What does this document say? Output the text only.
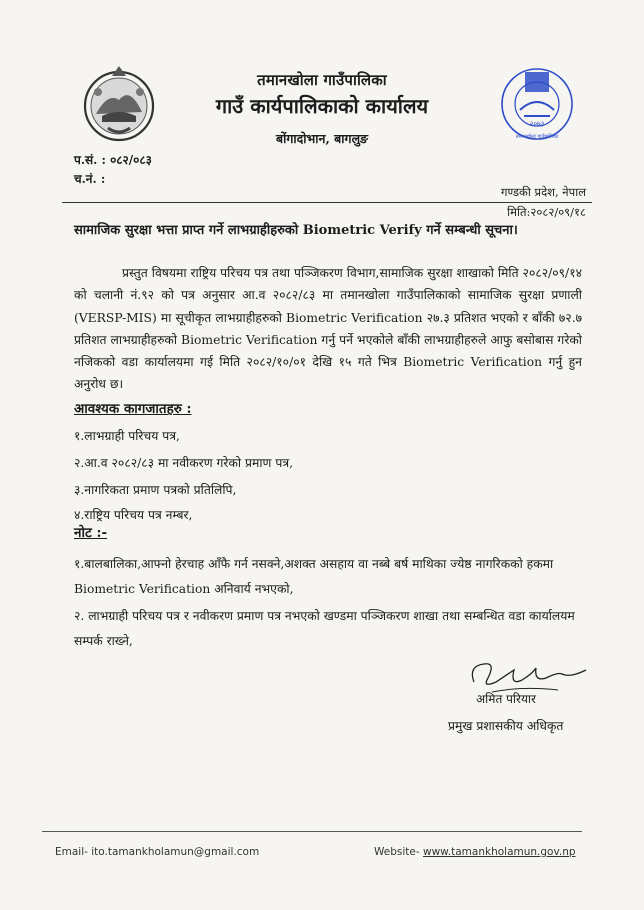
२०७३
तमानखोला गाउँपालिका
तमानखोला गाउँपालिका
गाउँ कार्यपालिकाको कार्यालय
बोंगादोभान, बागलुङ
प.सं. : ०८२/०८३
च.नं. :
गण्डकी प्रदेश, नेपाल
मिति:२०८२/०९/१८
सामाजिक सुरक्षा भत्ता प्राप्त गर्ने लाभग्राहीहरुको Biometric Verify गर्ने सम्बन्धी सूचना।
प्रस्तुत विषयमा राष्ट्रिय परिचय पत्र तथा पञ्जिकरण विभाग,सामाजिक सुरक्षा शाखाको मिति २०८२/०९/१४ को चलानी नं.९२ को पत्र अनुसार आ.व २०८२/८३ मा तमानखोला गाउँपालिकाको सामाजिक सुरक्षा प्रणाली (VERSP-MIS) मा सूचीकृत लाभग्राहीहरुको Biometric Verification २७.३ प्रतिशत भएको र बाँकी ७२.७ प्रतिशत लाभग्राहीहरुको Biometric Verification गर्नु पर्ने भएकोले बाँकी लाभग्राहीहरुले आफु बसोबास गरेको नजिकको वडा कार्यालयमा गई मिति २०८२/१०/०१ देखि १५ गते भित्र Biometric Verification गर्नु हुन अनुरोध छ।
आवश्यक कागजातहरु :
१.लाभग्राही परिचय पत्र,
२.आ.व २०८२/८३ मा नवीकरण गरेको प्रमाण पत्र,
३.नागरिकता प्रमाण पत्रको प्रतिलिपि,
४.राष्ट्रिय परिचय पत्र नम्बर,
नोट :-
१.बालबालिका,आफ्नो हेरचाह आँफै गर्न नसक्ने,अशक्त असहाय वा नब्बे बर्ष माथिका ज्येष्ठ नागरिकको हकमा Biometric Verification अनिवार्य नभएको,
२. लाभग्राही परिचय पत्र र नवीकरण प्रमाण पत्र नभएको खण्डमा पञ्जिकरण शाखा तथा सम्बन्धित वडा कार्यालयम सम्पर्क राख्ने,
अमित परियार
प्रमुख प्रशासकीय अधिकृत
Email- ito.tamankholamun@gmail.com	Website- www.tamankholamun.gov.np
